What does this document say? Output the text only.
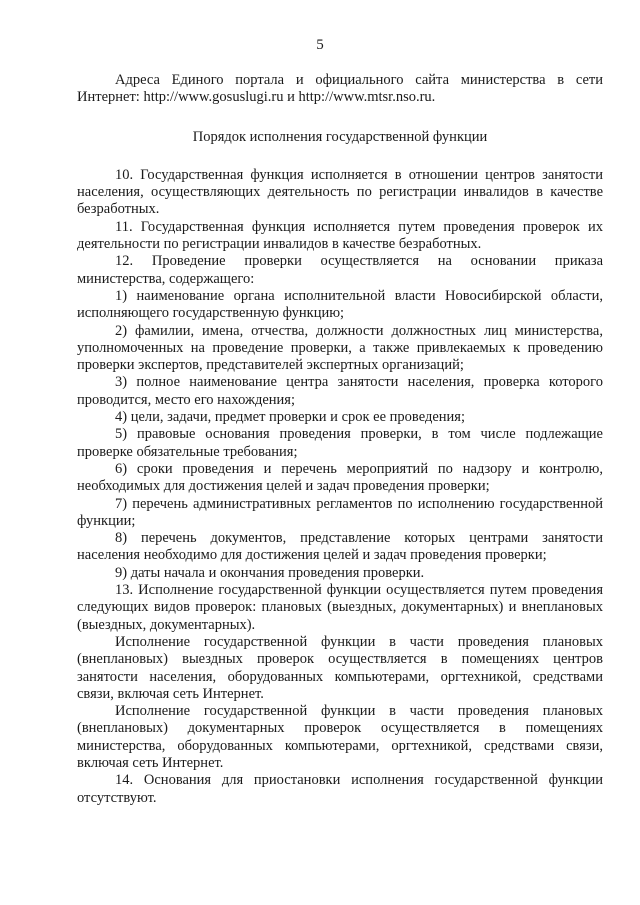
5

Адреса Единого портала и официального сайта министерства в сети Интернет: http://www.gosuslugi.ru и http://www.mtsr.nso.ru.

Порядок исполнения государственной функции

10. Государственная функция исполняется в отношении центров занятости населения, осуществляющих деятельность по регистрации инвалидов в качестве безработных.

11. Государственная функция исполняется путем проведения проверок их деятельности по регистрации инвалидов в качестве безработных.

12. Проведение проверки осуществляется на основании приказа министерства, содержащего:

1) наименование органа исполнительной власти Новосибирской области, исполняющего государственную функцию;

2) фамилии, имена, отчества, должности должностных лиц министерства, уполномоченных на проведение проверки, а также привлекаемых к проведению проверки экспертов, представителей экспертных организаций;

3) полное наименование центра занятости населения, проверка которого проводится, место его нахождения;

4) цели, задачи, предмет проверки и срок ее проведения;

5) правовые основания проведения проверки, в том числе подлежащие проверке обязательные требования;

6) сроки проведения и перечень мероприятий по надзору и контролю, необходимых для достижения целей и задач проведения проверки;

7) перечень административных регламентов по исполнению государственной функции;

8) перечень документов, представление которых центрами занятости населения необходимо для достижения целей и задач проведения проверки;

9) даты начала и окончания проведения проверки.

13. Исполнение государственной функции осуществляется путем проведения следующих видов проверок: плановых (выездных, документарных) и внеплановых (выездных, документарных).

Исполнение государственной функции в части проведения плановых (внеплановых) выездных проверок осуществляется в помещениях центров занятости населения, оборудованных компьютерами, оргтехникой, средствами связи, включая сеть Интернет.

Исполнение государственной функции в части проведения плановых (внеплановых) документарных проверок осуществляется в помещениях министерства, оборудованных компьютерами, оргтехникой, средствами связи, включая сеть Интернет.

14. Основания для приостановки исполнения государственной функции отсутствуют.
